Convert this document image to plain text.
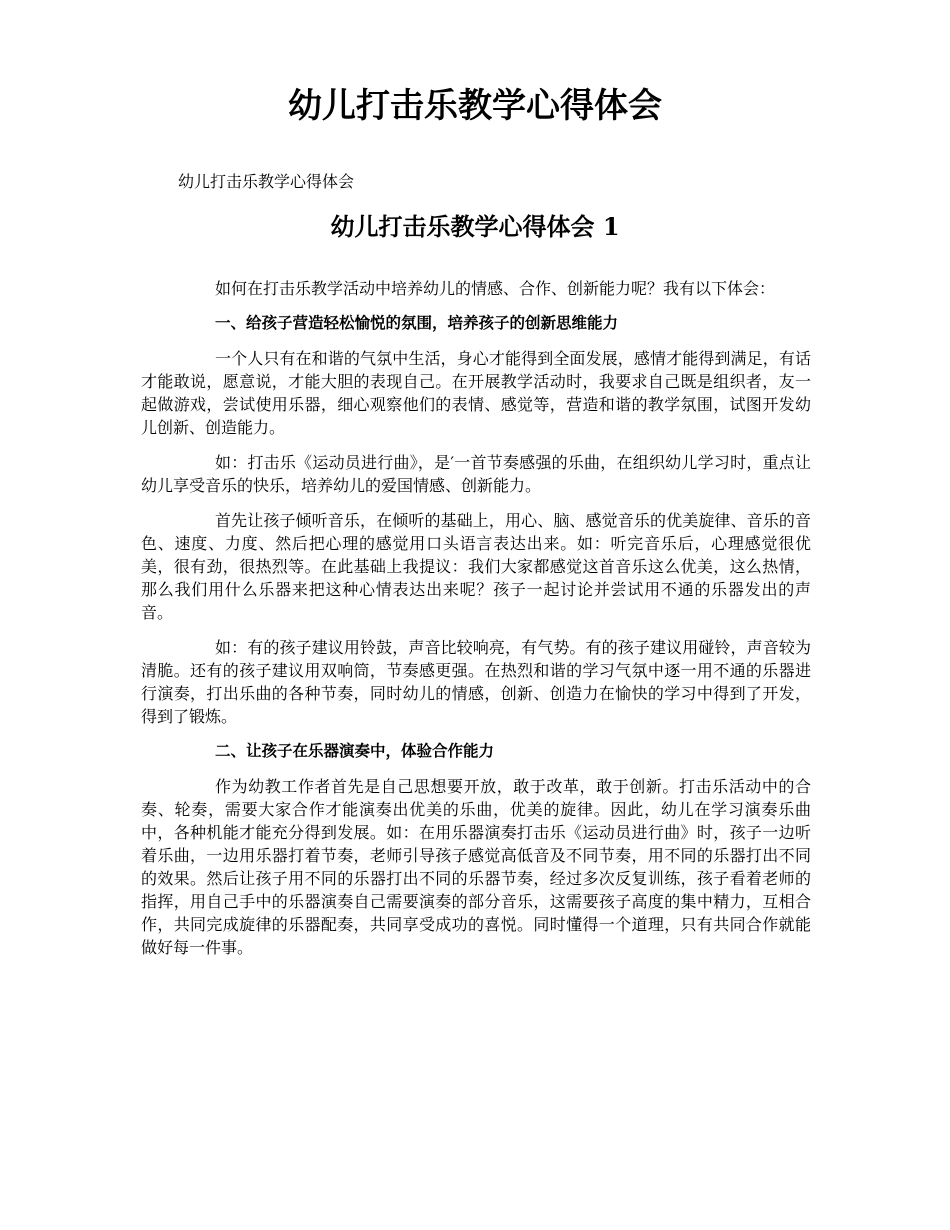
幼儿打击乐教学心得体会

幼儿打击乐教学心得体会

幼儿打击乐教学心得体会 1

如何在打击乐教学活动中培养幼儿的情感、合作、创新能力呢？我有以下体会：

一、给孩子营造轻松愉悦的氛围，培养孩子的创新思维能力

一个人只有在和谐的气氛中生活，身心才能得到全面发展，感情才能得到满足，有话才能敢说，愿意说，才能大胆的表现自己。在开展教学活动时，我要求自己既是组织者，友一起做游戏，尝试使用乐器，细心观察他们的表情、感觉等，营造和谐的教学氛围，试图开发幼儿创新、创造能力。

如：打击乐《运动员进行曲》，是′一首节奏感强的乐曲，在组织幼儿学习时，重点让幼儿享受音乐的快乐，培养幼儿的爱国情感、创新能力。

首先让孩子倾听音乐，在倾听的基础上，用心、脑、感觉音乐的优美旋律、音乐的音色、速度、力度、然后把心理的感觉用口头语言表达出来。如：听完音乐后，心理感觉很优美，很有劲，很热烈等。在此基础上我提议：我们大家都感觉这首音乐这么优美，这么热情，那么我们用什么乐器来把这种心情表达出来呢？孩子一起讨论并尝试用不通的乐器发出的声音。

如：有的孩子建议用铃鼓，声音比较响亮，有气势。有的孩子建议用碰铃，声音较为清脆。还有的孩子建议用双响筒，节奏感更强。在热烈和谐的学习气氛中逐一用不通的乐器进行演奏，打出乐曲的各种节奏，同时幼儿的情感，创新、创造力在愉快的学习中得到了开发，得到了锻炼。

二、让孩子在乐器演奏中，体验合作能力

作为幼教工作者首先是自己思想要开放，敢于改革，敢于创新。打击乐活动中的合奏、轮奏，需要大家合作才能演奏出优美的乐曲，优美的旋律。因此，幼儿在学习演奏乐曲中，各种机能才能充分得到发展。如：在用乐器演奏打击乐《运动员进行曲》时，孩子一边听着乐曲，一边用乐器打着节奏，老师引导孩子感觉高低音及不同节奏，用不同的乐器打出不同的效果。然后让孩子用不同的乐器打出不同的乐器节奏，经过多次反复训练，孩子看着老师的指挥，用自己手中的乐器演奏自己需要演奏的部分音乐，这需要孩子高度的集中精力，互相合作，共同完成旋律的乐器配奏，共同享受成功的喜悦。同时懂得一个道理，只有共同合作就能做好每一件事。
